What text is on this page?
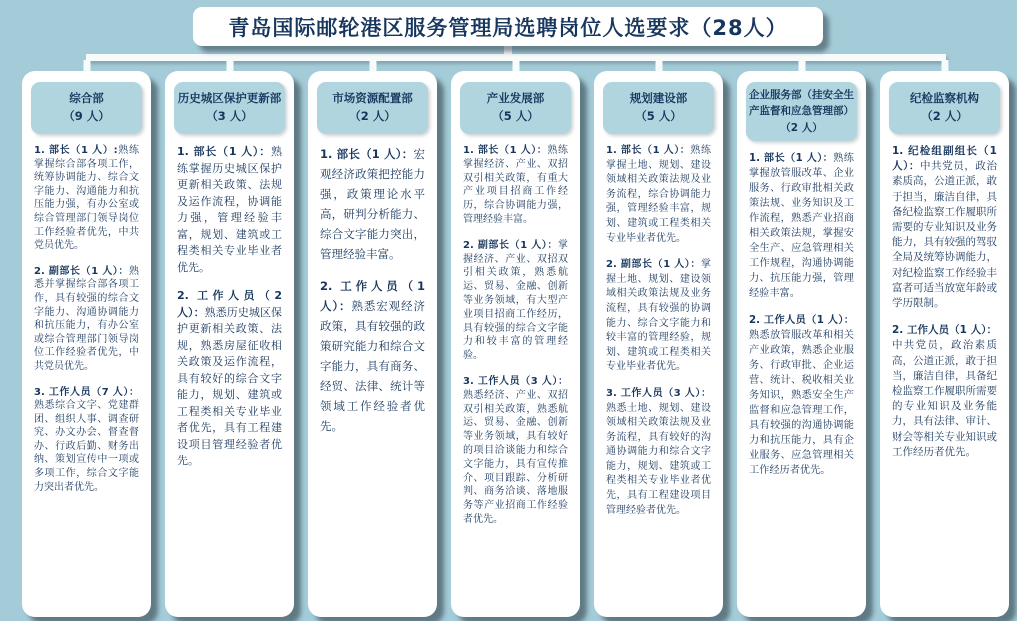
青岛国际邮轮港区服务管理局选聘岗位人选要求（28人）
综合部
（9 人）

1. 部长（1 人）:熟练掌握综合部各项工作，统筹协调能力、综合文字能力、沟通能力和抗压能力强，有办公室或综合管理部门领导岗位工作经验者优先，中共党员优先。

2. 副部长（1 人）：熟悉并掌握综合部各项工作，具有较强的综合文字能力、沟通协调能力和抗压能力，有办公室或综合管理部门领导岗位工作经验者优先，中共党员优先。

3. 工作人员（7 人）：熟悉综合文字、党建群团、组织人事、调查研究、办文办会、督查督办、行政后勤、财务出纳、策划宣传中一项或多项工作，综合文字能力突出者优先。

历史城区保护更新部
（3 人）

1. 部长（1 人）：熟练掌握历史城区保护更新相关政策、法规及运作流程，协调能力强，管理经验丰富，规划、建筑或工程类相关专业毕业者优先。

2. 工作人员（2 人）：熟悉历史城区保护更新相关政策、法规，熟悉房屋征收相关政策及运作流程，具有较好的综合文字能力，规划、建筑或工程类相关专业毕业者优先，具有工程建设项目管理经验者优先。

市场资源配置部
（2 人）

1. 部长（1 人）：宏观经济政策把控能力强，政策理论水平高，研判分析能力、综合文字能力突出，管理经验丰富。

2. 工作人员（1 人）：熟悉宏观经济政策，具有较强的政策研究能力和综合文字能力，具有商务、经贸、法律、统计等领域工作经验者优先。

产业发展部
（5 人）

1. 部长（1 人）：熟练掌握经济、产业、双招双引相关政策，有重大产业项目招商工作经历，综合协调能力强，管理经验丰富。

2. 副部长（1 人）：掌握经济、产业、双招双引相关政策，熟悉航运、贸易、金融、创新等业务领域，有大型产业项目招商工作经历，具有较强的综合文字能力和较丰富的管理经验。

3. 工作人员（3 人）：熟悉经济、产业、双招双引相关政策，熟悉航运、贸易、金融、创新等业务领域，具有较好的项目洽谈能力和综合文字能力，具有宣传推介、项目跟踪、分析研判、商务洽谈、落地服务等产业招商工作经验者优先。

规划建设部
（5 人）

1. 部长（1 人）：熟练掌握土地、规划、建设领域相关政策法规及业务流程，综合协调能力强，管理经验丰富，规划、建筑或工程类相关专业毕业者优先。

2. 副部长（1 人）：掌握土地、规划、建设领域相关政策法规及业务流程，具有较强的协调能力、综合文字能力和较丰富的管理经验，规划、建筑或工程类相关专业毕业者优先。

3. 工作人员（3 人）：熟悉土地、规划、建设领域相关政策法规及业务流程，具有较好的沟通协调能力和综合文字能力，规划、建筑或工程类相关专业毕业者优先，具有工程建设项目管理经验者优先。

企业服务部（挂安全生产监督和应急管理部）
（2 人）

1. 部长（1 人）：熟练掌握放管服改革、企业服务、行政审批相关政策法规、业务知识及工作流程，熟悉产业招商相关政策法规，掌握安全生产、应急管理相关工作规程，沟通协调能力、抗压能力强，管理经验丰富。

2. 工作人员（1 人）：熟悉放管服改革和相关产业政策，熟悉企业服务、行政审批、企业运营、统计、税收相关业务知识，熟悉安全生产监督和应急管理工作，具有较强的沟通协调能力和抗压能力，具有企业服务、应急管理相关工作经历者优先。

纪检监察机构
（2 人）

1. 纪检组副组长（1 人）：中共党员，政治素质高，公道正派，敢于担当，廉洁自律，具备纪检监察工作履职所需要的专业知识及业务能力，具有较强的驾驭全局及统筹协调能力，对纪检监察工作经验丰富者可适当放宽年龄或学历限制。

2. 工作人员（1 人）：中共党员，政治素质高，公道正派，敢于担当，廉洁自律，具备纪检监察工作履职所需要的专业知识及业务能力，具有法律、审计、财会等相关专业知识或工作经历者优先。
